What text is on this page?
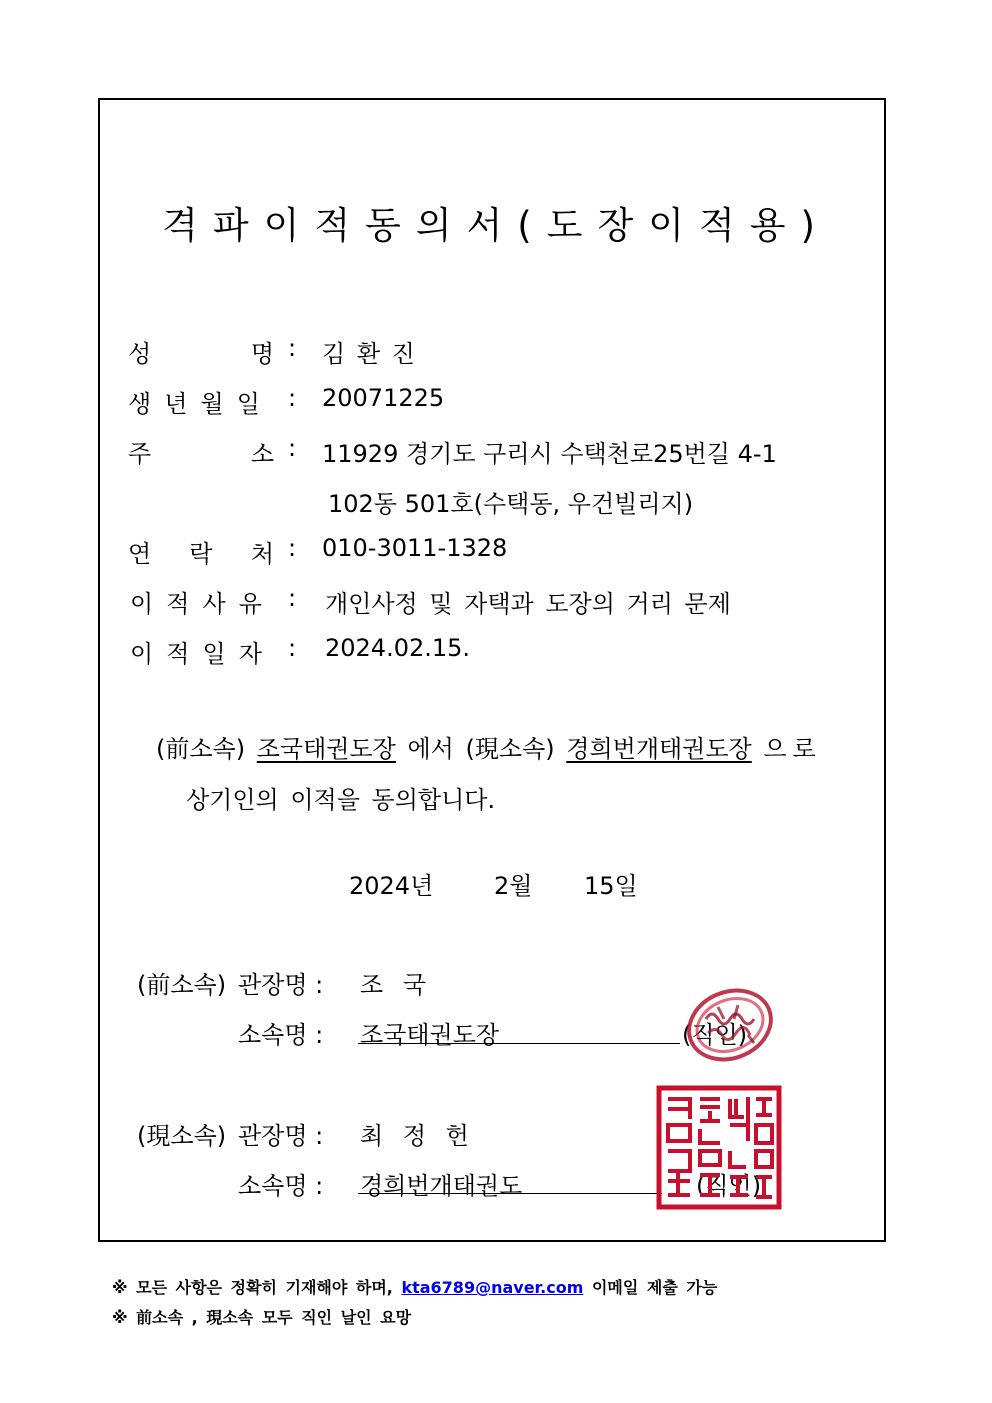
격파이적동의서(도장이적용)
성	명 : 김 환 진
생 년 월 일 : 20071225
주	소 : 11929 경기도 구리시 수택천로25번길 4-1
102동 501호(수택동, 우건빌리지)
연 락 처 : 010-3011-1328
이 적 사 유 : 개인사정 및 자택과 도장의 거리 문제
이 적 일 자 : 2024.02.15.
(前소속) 조국태권도장 에서 (現소속) 경희번개태권도장 으로
상기인의 이적을 동의합니다.
2024년	2월 15일
(前소속) 관장명 : 조 국
소속명 : 조국태권도장	(직인)
(現소속) 관장명 : 최 정 헌
소속명 : 경희번개태권도	(직인)
※ 모든 사항은 정확히 기재해야 하며, kta6789@naver.com 이메일 제출 가능
※ 前소속 , 現소속 모두 직인 날인 요망
